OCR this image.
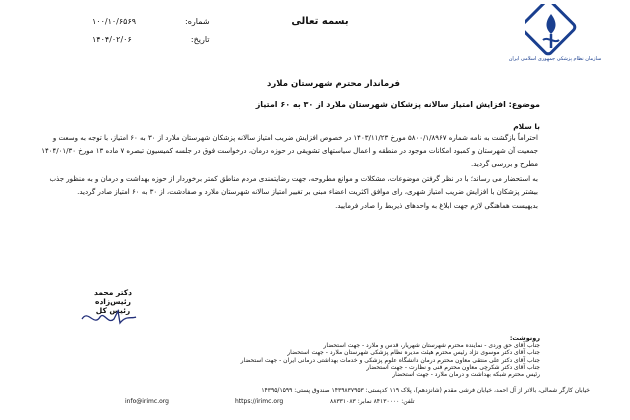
سازمان نظام پزشکی جمهوری اسلامی ایران
بسمه تعالی
۱۰۰/۱۰/۶۵۶۹	شماره:
۱۴۰۴/۰۲/۰۶	تاریخ:
فرماندار محترم شهرستان ملارد
موضوع: افزایش امتیاز سالانه پزشکان شهرستان ملارد از ۳۰ به ۶۰ امتیاز
با سلام

احتراماً بازگشت به نامه شماره ۵۸۰۰/۱/۸۹۶۷ مورخ ۱۴۰۳/۱۱/۲۳ در خصوص افزایش ضریب امتیاز سالانه پزشکان شهرستان ملارد از ۳۰ به ۶۰ امتیاز، با توجه به وسعت و جمعیت آن شهرستان و کمبود امکانات موجود در منطقه و اعمال سیاستهای تشویقی در حوزه درمان، درخواست فوق در جلسه کمیسیون تبصره ۷ ماده ۱۳ مورخ ۱۴۰۴/۰۱/۳۰ مطرح و بررسی گردید.

به استحضار می رساند؛ با در نظر گرفتن موضوعات، مشکلات و موانع مطروحه، جهت رضایتمندی مردم مناطق کمتر برخوردار از حوزه بهداشت و درمان و به منظور جذب بیشتر پزشکان با افزایش ضریب امتیاز شهری، رای موافق اکثریت اعضاء مبنی بر تغییر امتیاز سالانه شهرستان ملارد و صفادشت، از ۳۰ به ۶۰ امتیاز صادر گردید.

بدیهیست هماهنگی لازم جهت ابلاغ به واحدهای ذیربط را صادر فرمایید.

دکتر محمد رئیس‌زاده
رئیس کل
رونوشت:
جناب آقای حق وردی - نماینده محترم شهرستان شهریار، قدس و ملارد - جهت استحضار
جناب آقای دکتر موسوی نژاد رئیس محترم هیئت مدیره نظام پزشکی شهرستان ملارد - جهت استحضار
جناب آقای دکتر علی منتقی معاون محترم درمان دانشگاه علوم پزشکی و خدمات بهداشتی درمانی ایران - جهت استحضار
جناب آقای دکتر شکرچی معاون محترم فنی و نظارت - جهت استحضار
رئیس محترم شبکه بهداشت و درمان ملارد - جهت استحضار
خیابان کارگر شمالی، بالاتر از آل احمد، خیابان فرشی مقدم (شانزدهم)، پلاک ۱۱۹ کدپستی: ۱۴۳۹۸۳۷۹۵۳ صندوق پستی: ۱۴۳۹۵/۱۵۹۹
info@irimc.org	https://irimc.org	تلفن: ۸۴۱۳۰۰۰۰ نمابر: ۸۸۳۳۱۰۸۳
